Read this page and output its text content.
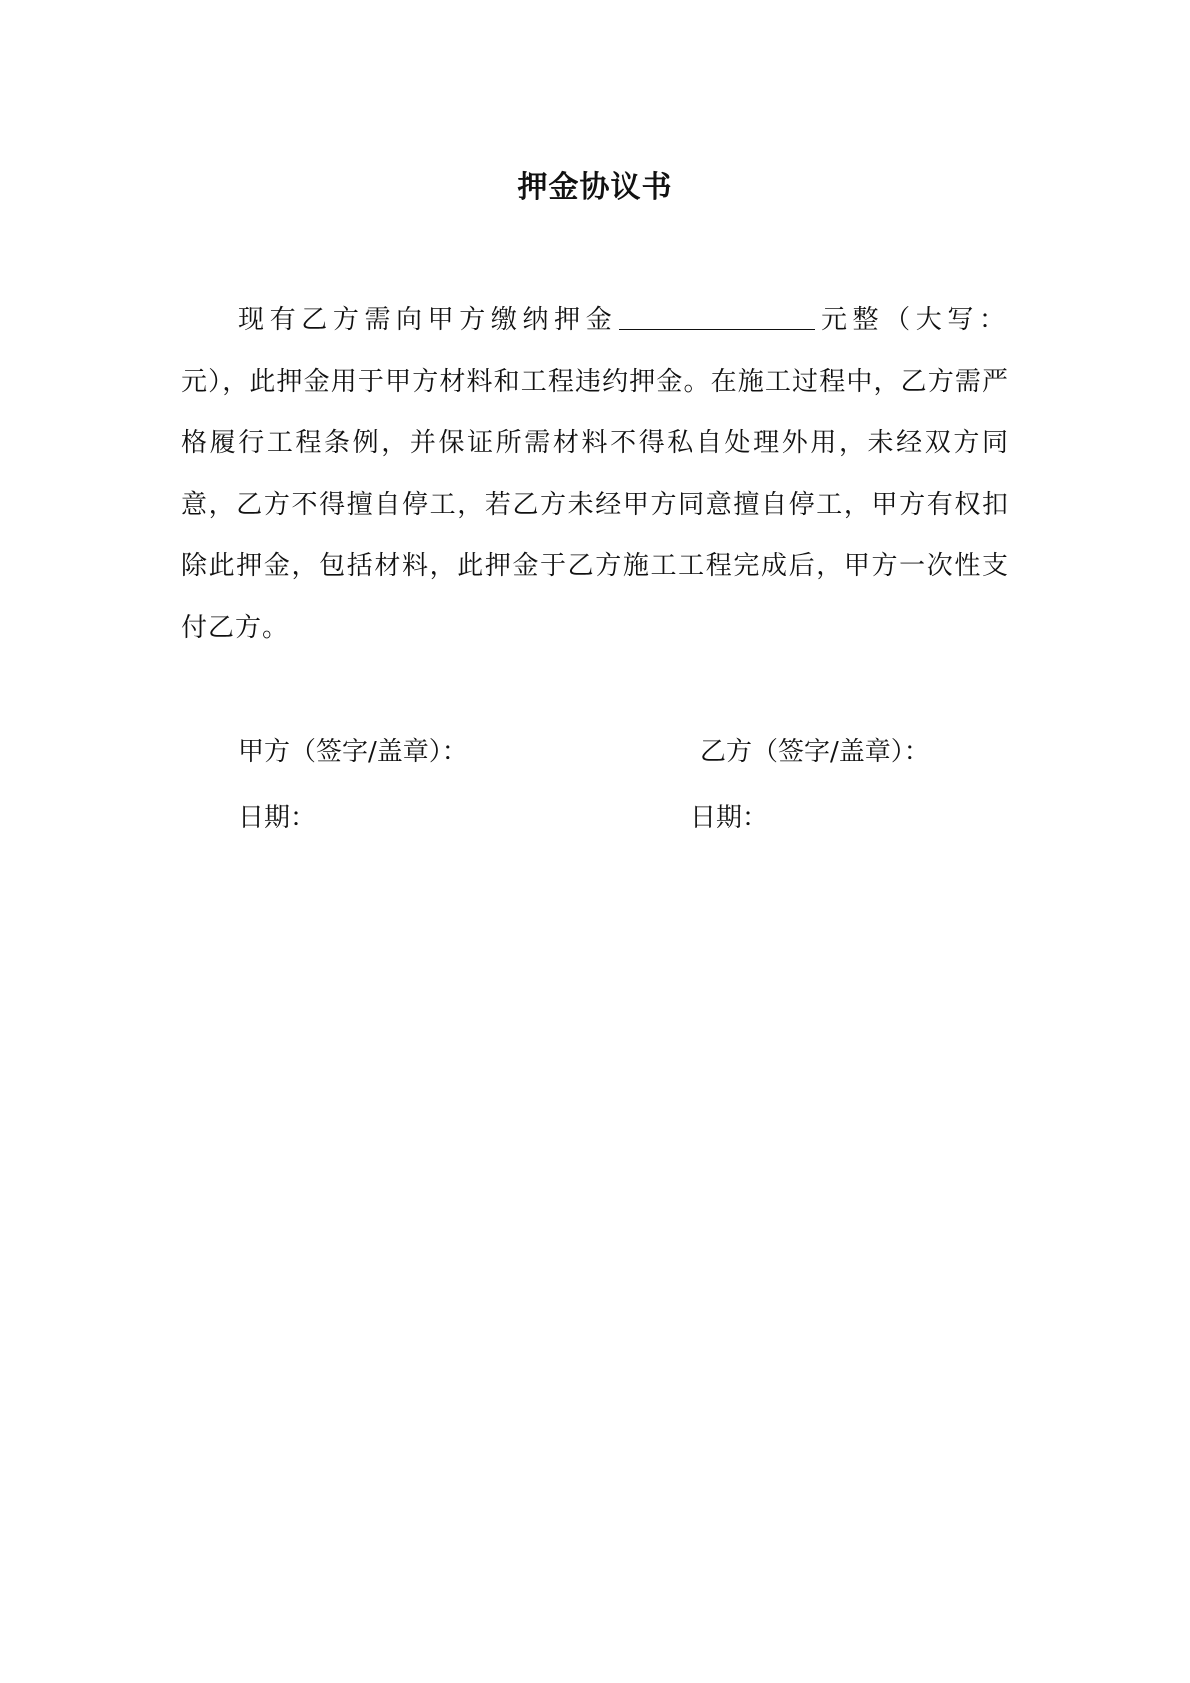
押金协议书
现有乙方需向甲方缴纳押金	元整（大写：元），此押金用于甲方材料和工程违约押金。在施工过程中，乙方需严格履行工程条例，并保证所需材料不得私自处理外用，未经双方同意，乙方不得擅自停工，若乙方未经甲方同意擅自停工，甲方有权扣除此押金，包括材料，此押金于乙方施工工程完成后，甲方一次性支付乙方。
甲方（签字/盖章）：	乙方（签字/盖章）：
日期：	日期：
